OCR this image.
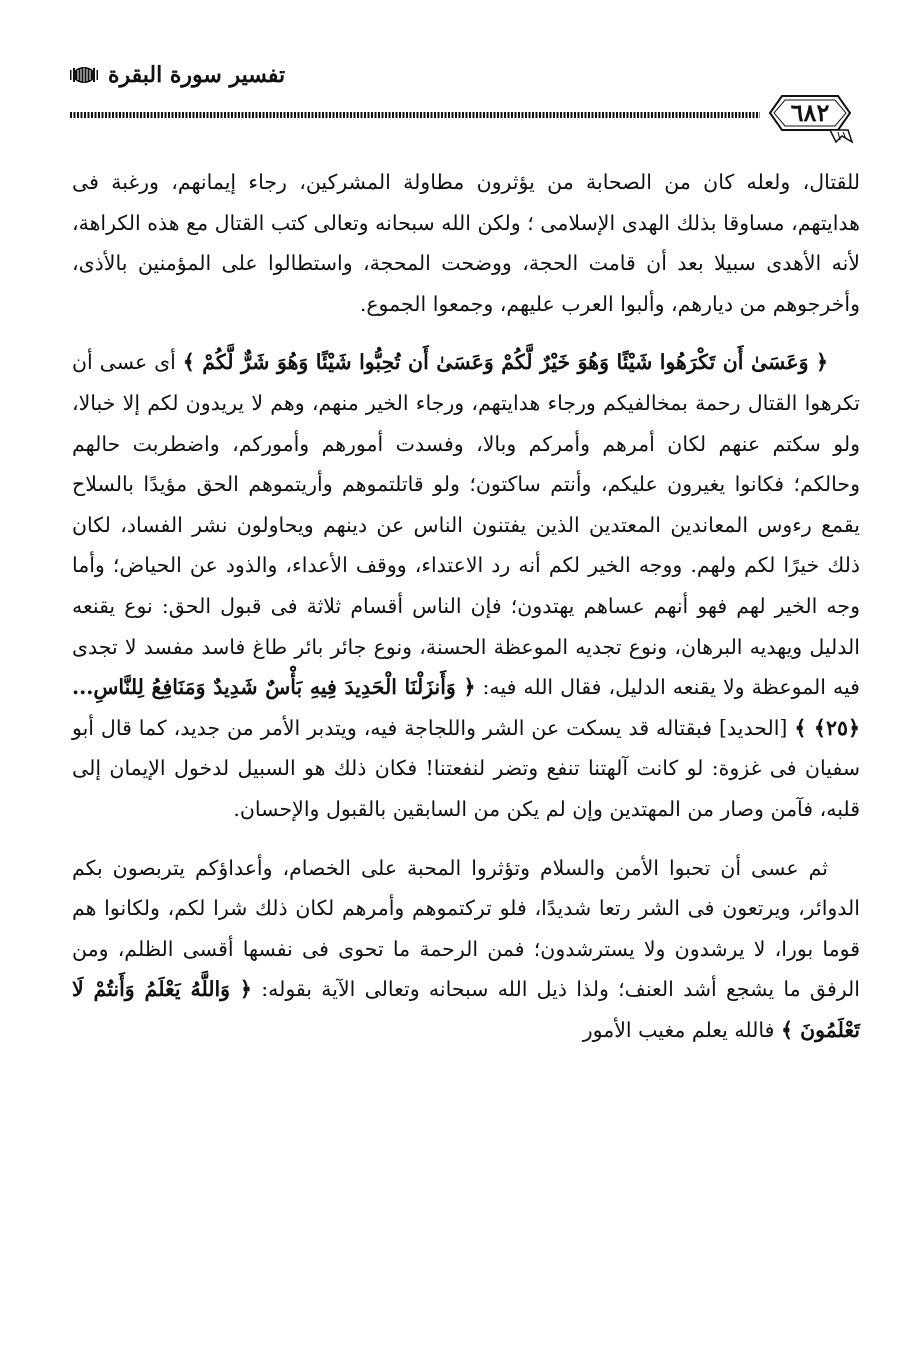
تفسير سورة البقرة
٦٨٢

للقتال، ولعله كان من الصحابة من يؤثرون مطاولة المشركين، رجاء إيمانهم، ورغبة فى هدايتهم، مساوقا بذلك الهدى الإسلامى ؛ ولكن الله سبحانه وتعالى كتب القتال مع هذه الكراهة، لأنه الأهدى سبيلا بعد أن قامت الحجة، ووضحت المحجة، واستطالوا على المؤمنين بالأذى، وأخرجوهم من ديارهم، وألبوا العرب عليهم، وجمعوا الجموع.

﴿ وَعَسَىٰ أَن تَكْرَهُوا شَيْئًا وَهُوَ خَيْرٌ لَّكُمْ وَعَسَىٰ أَن تُحِبُّوا شَيْئًا وَهُوَ شَرٌّ لَّكُمْ ﴾ أى عسى أن تكرهوا القتال رحمة بمخالفيكم ورجاء هدايتهم، ورجاء الخير منهم، وهم لا يريدون لكم إلا خبالا، ولو سكتم عنهم لكان أمرهم وأمركم وبالا، وفسدت أمورهم وأموركم، واضطربت حالهم وحالكم؛ فكانوا يغيرون عليكم، وأنتم ساكتون؛ ولو قاتلتموهم وأريتموهم الحق مؤيدًا بالسلاح يقمع رءوس المعاندين المعتدين الذين يفتنون الناس عن دينهم ويحاولون نشر الفساد، لكان ذلك خيرًا لكم ولهم. ووجه الخير لكم أنه رد الاعتداء، ووقف الأعداء، والذود عن الحياض؛ وأما وجه الخير لهم فهو أنهم عساهم يهتدون؛ فإن الناس أقسام ثلاثة فى قبول الحق: نوع يقنعه الدليل ويهديه البرهان، ونوع تجديه الموعظة الحسنة، ونوع جائر بائر طاغ فاسد مفسد لا تجدى فيه الموعظة ولا يقنعه الدليل، فقال الله فيه: ﴿ وَأَنزَلْنَا الْحَدِيدَ فِيهِ بَأْسٌ شَدِيدٌ وَمَنَافِعُ لِلنَّاسِ... ﴿٢٥﴾ ﴾ [الحديد] فبقتاله قد يسكت عن الشر واللجاجة فيه، ويتدبر الأمر من جديد، كما قال أبو سفيان فى غزوة: لو كانت آلهتنا تنفع وتضر لنفعتنا! فكان ذلك هو السبيل لدخول الإيمان إلى قلبه، فآمن وصار من المهتدين وإن لم يكن من السابقين بالقبول والإحسان.

ثم عسى أن تحبوا الأمن والسلام وتؤثروا المحبة على الخصام، وأعداؤكم يتربصون بكم الدوائر، ويرتعون فى الشر رتعا شديدًا، فلو تركتموهم وأمرهم لكان ذلك شرا لكم، ولكانوا هم قوما بورا، لا يرشدون ولا يسترشدون؛ فمن الرحمة ما تحوى فى نفسها أقسى الظلم، ومن الرفق ما يشجع أشد العنف؛ ولذا ذيل الله سبحانه وتعالى الآية بقوله: ﴿ وَاللَّهُ يَعْلَمُ وَأَنتُمْ لَا تَعْلَمُونَ ﴾ فالله يعلم مغيب الأمور
